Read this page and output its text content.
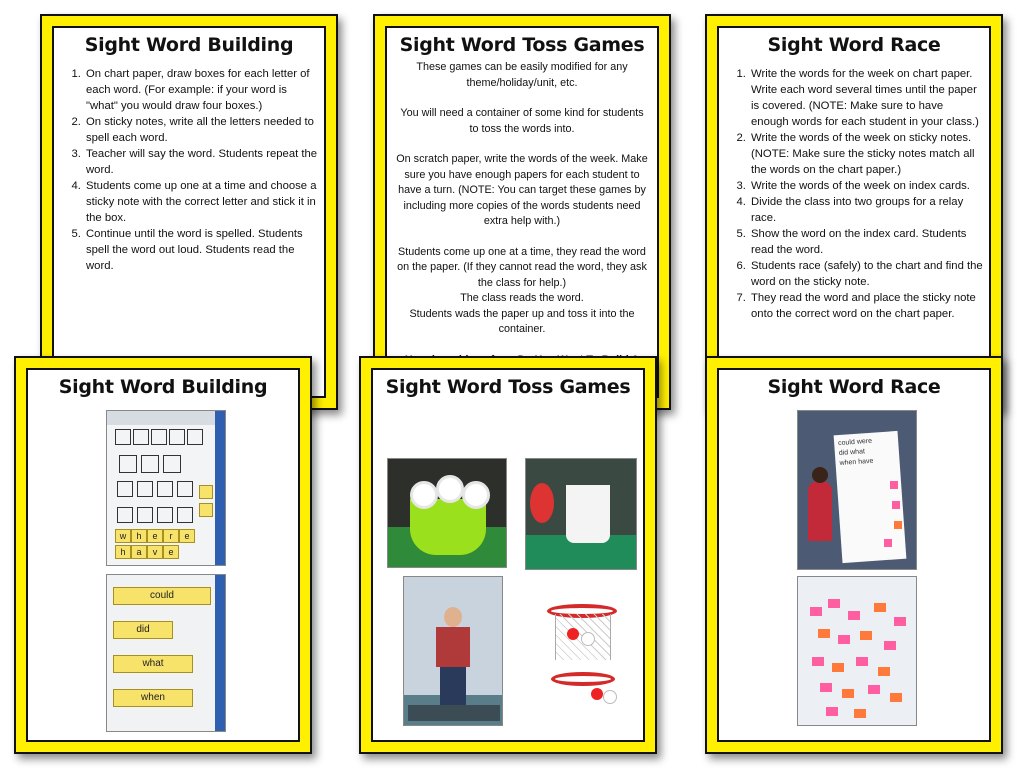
Sight Word Building
1. On chart paper, draw boxes for each letter of each word. (For example: if your word is "what" you would draw four boxes.)
2. On sticky notes, write all the letters needed to spell each word.
3. Teacher will say the word. Students repeat the word.
4. Students come up one at a time and choose a sticky note with the correct letter and stick it in the box.
5. Continue until the word is spelled. Students spell the word out loud. Students read the word.
Sight Word Toss Games

These games can be easily modified for any theme/holiday/unit, etc.

You will need a container of some kind for students to toss the words into.

On scratch paper, write the words of the week. Make sure you have enough papers for each student to have a turn. (NOTE: You can target these games by including more copies of the words students need extra help with.)

Students come up one at a time, they read the word on the paper. (If they cannot read the word, they ask the class for help.)

The class reads the word.

Students wads the paper up and toss it into the container.

Sight Word Race
1. Write the words for the week on chart paper. Write each word several times until the paper is covered. (NOTE: Make sure to have enough words for each student in your class.)
2. Write the words of the week on sticky notes. (NOTE: Make sure the sticky notes match all the words on the chart paper.)
3. Write the words of the week on index cards.
4. Divide the class into two groups for a relay race.
5. Show the word on the index card. Students read the word.
6. Students race (safely) to the chart and find the word on the sticky note.
7. They read the word and place the sticky note onto the correct word on the chart paper.
Sight Word Building
w	h	e	r	e
h	a	v	e
could
did
what
when
Sight Word Toss Games	Sight Word Race
could were
did what
when have
